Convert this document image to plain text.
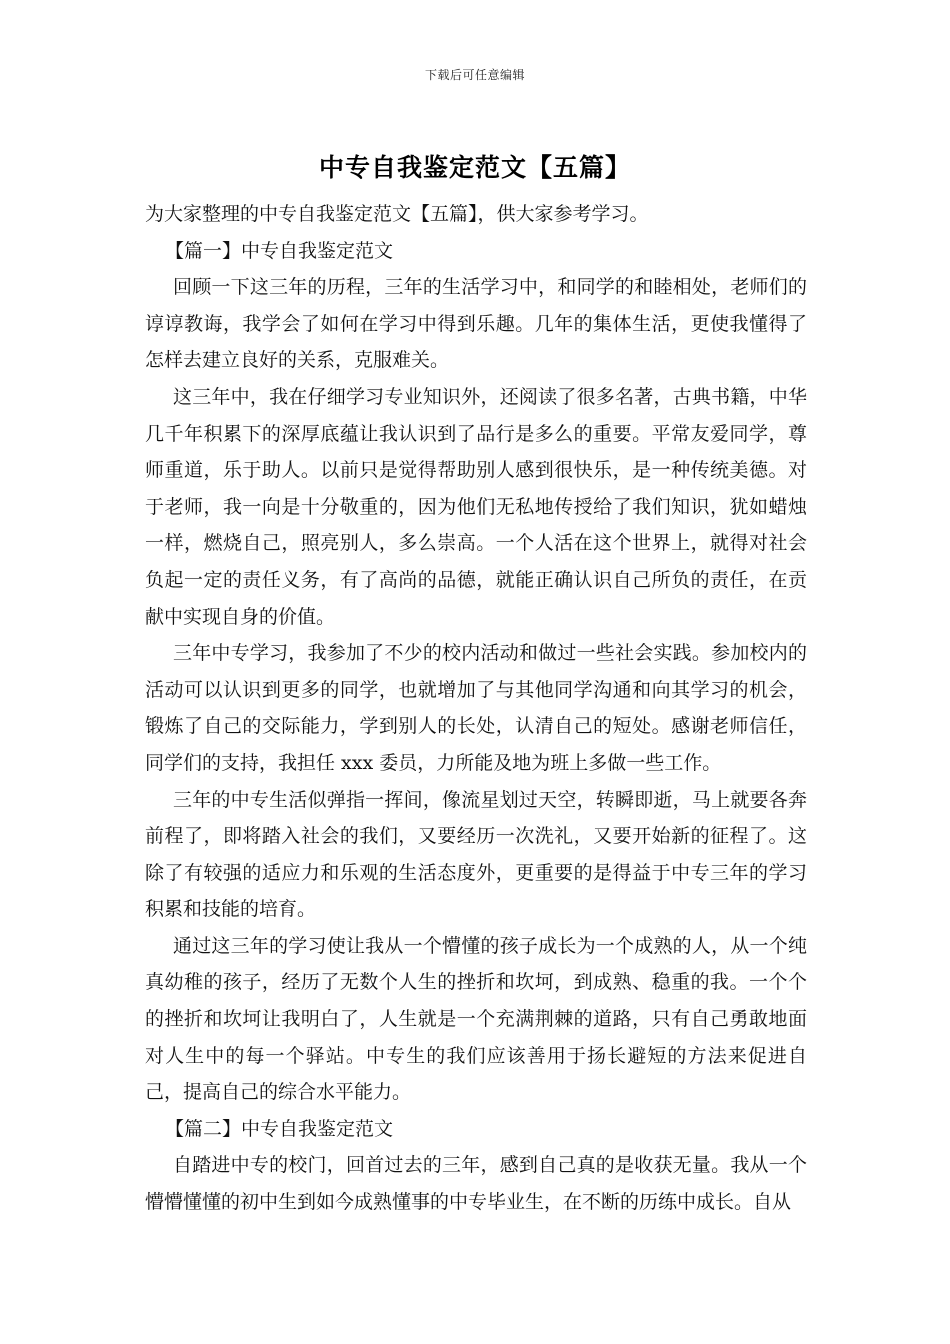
下载后可任意编辑
中专自我鉴定范文【五篇】

为大家整理的中专自我鉴定范文【五篇】，供大家参考学习。

【篇一】中专自我鉴定范文

回顾一下这三年的历程，三年的生活学习中，和同学的和睦相处，老师们的谆谆教诲，我学会了如何在学习中得到乐趣。几年的集体生活，更使我懂得了怎样去建立良好的关系，克服难关。

这三年中，我在仔细学习专业知识外，还阅读了很多名著，古典书籍，中华几千年积累下的深厚底蕴让我认识到了品行是多么的重要。平常友爱同学，尊师重道，乐于助人。以前只是觉得帮助别人感到很快乐，是一种传统美德。对于老师，我一向是十分敬重的，因为他们无私地传授给了我们知识，犹如蜡烛一样，燃烧自己，照亮别人，多么崇高。一个人活在这个世界上，就得对社会负起一定的责任义务，有了高尚的品德，就能正确认识自己所负的责任，在贡献中实现自身的价值。

三年中专学习，我参加了不少的校内活动和做过一些社会实践。参加校内的活动可以认识到更多的同学，也就增加了与其他同学沟通和向其学习的机会，锻炼了自己的交际能力，学到别人的长处，认清自己的短处。感谢老师信任，同学们的支持，我担任 xxx 委员，力所能及地为班上多做一些工作。

三年的中专生活似弹指一挥间，像流星划过天空，转瞬即逝，马上就要各奔前程了，即将踏入社会的我们，又要经历一次洗礼，又要开始新的征程了。这除了有较强的适应力和乐观的生活态度外，更重要的是得益于中专三年的学习积累和技能的培育。

通过这三年的学习使让我从一个懵懂的孩子成长为一个成熟的人，从一个纯真幼稚的孩子，经历了无数个人生的挫折和坎坷，到成熟、稳重的我。一个个的挫折和坎坷让我明白了，人生就是一个充满荆棘的道路，只有自己勇敢地面对人生中的每一个驿站。中专生的我们应该善用于扬长避短的方法来促进自己，提高自己的综合水平能力。

【篇二】中专自我鉴定范文

自踏进中专的校门，回首过去的三年，感到自己真的是收获无量。我从一个懵懵懂懂的初中生到如今成熟懂事的中专毕业生，在不断的历练中成长。自从
